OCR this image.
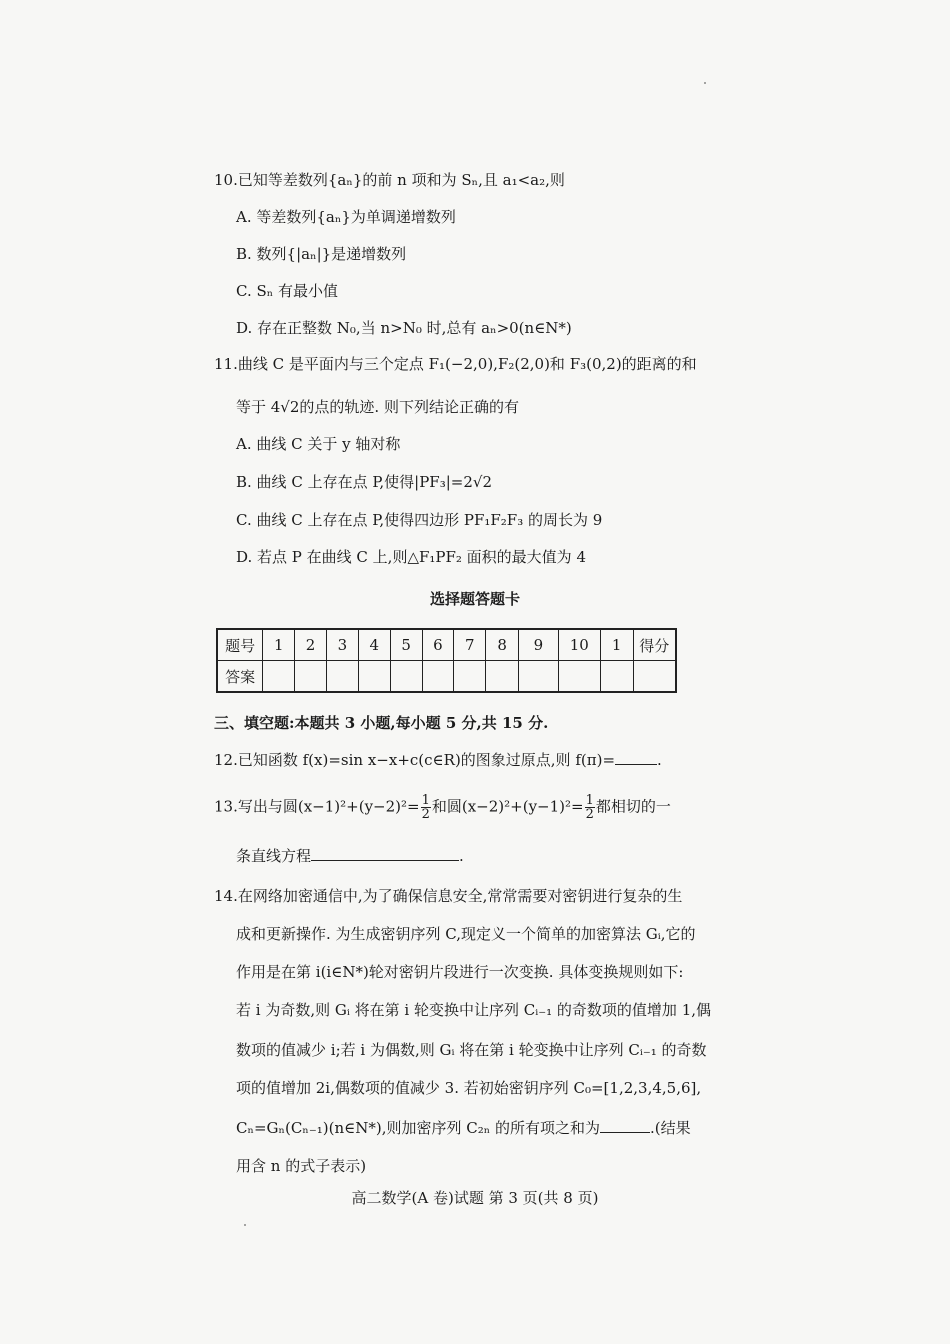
10.已知等差数列{aₙ}的前 n 项和为 Sₙ,且 a₁<a₂,则
A. 等差数列{aₙ}为单调递增数列
B. 数列{|aₙ|}是递增数列
C. Sₙ 有最小值
D. 存在正整数 N₀,当 n>N₀ 时,总有 aₙ>0(n∈N*)
11.曲线 C 是平面内与三个定点 F₁(−2,0),F₂(2,0)和 F₃(0,2)的距离的和
等于 4√2的点的轨迹. 则下列结论正确的有
A. 曲线 C 关于 y 轴对称
B. 曲线 C 上存在点 P,使得|PF₃|=2√2
C. 曲线 C 上存在点 P,使得四边形 PF₁F₂F₃ 的周长为 9
D. 若点 P 在曲线 C 上,则△F₁PF₂ 面积的最大值为 4
选择题答题卡
题号	1	2	3	4	5	6	7	8	9	10	1	得分
答案												
三、填空题:本题共 3 小题,每小题 5 分,共 15 分.
12.已知函数 f(x)=sin x−x+c(c∈R)的图象过原点,则 f(π)=	.
13.写出与圆$(x-1)^2+(y-2)^2= \frac{1}{2}$ 和圆$(x-2)^2+(y-1)^2= \frac{1}{2}$ 都相切的一
条直线方程	.
14.在网络加密通信中,为了确保信息安全,常常需要对密钥进行复杂的生
成和更新操作. 为生成密钥序列 C,现定义一个简单的加密算法 Gᵢ,它的
作用是在第 i(i∈N*)轮对密钥片段进行一次变换. 具体变换规则如下:
若 i 为奇数,则 Gᵢ 将在第 i 轮变换中让序列 Cᵢ₋₁ 的奇数项的值增加 1,偶
数项的值减少 i;若 i 为偶数,则 Gᵢ 将在第 i 轮变换中让序列 Cᵢ₋₁ 的奇数
项的值增加 2i,偶数项的值减少 3. 若初始密钥序列 C₀=[1,2,3,4,5,6],
Cₙ=Gₙ(Cₙ₋₁)(n∈N*),则加密序列 C₂ₙ 的所有项之和为	.(结果
用含 n 的式子表示)
高二数学(A 卷)试题 第 3 页(共 8 页)
